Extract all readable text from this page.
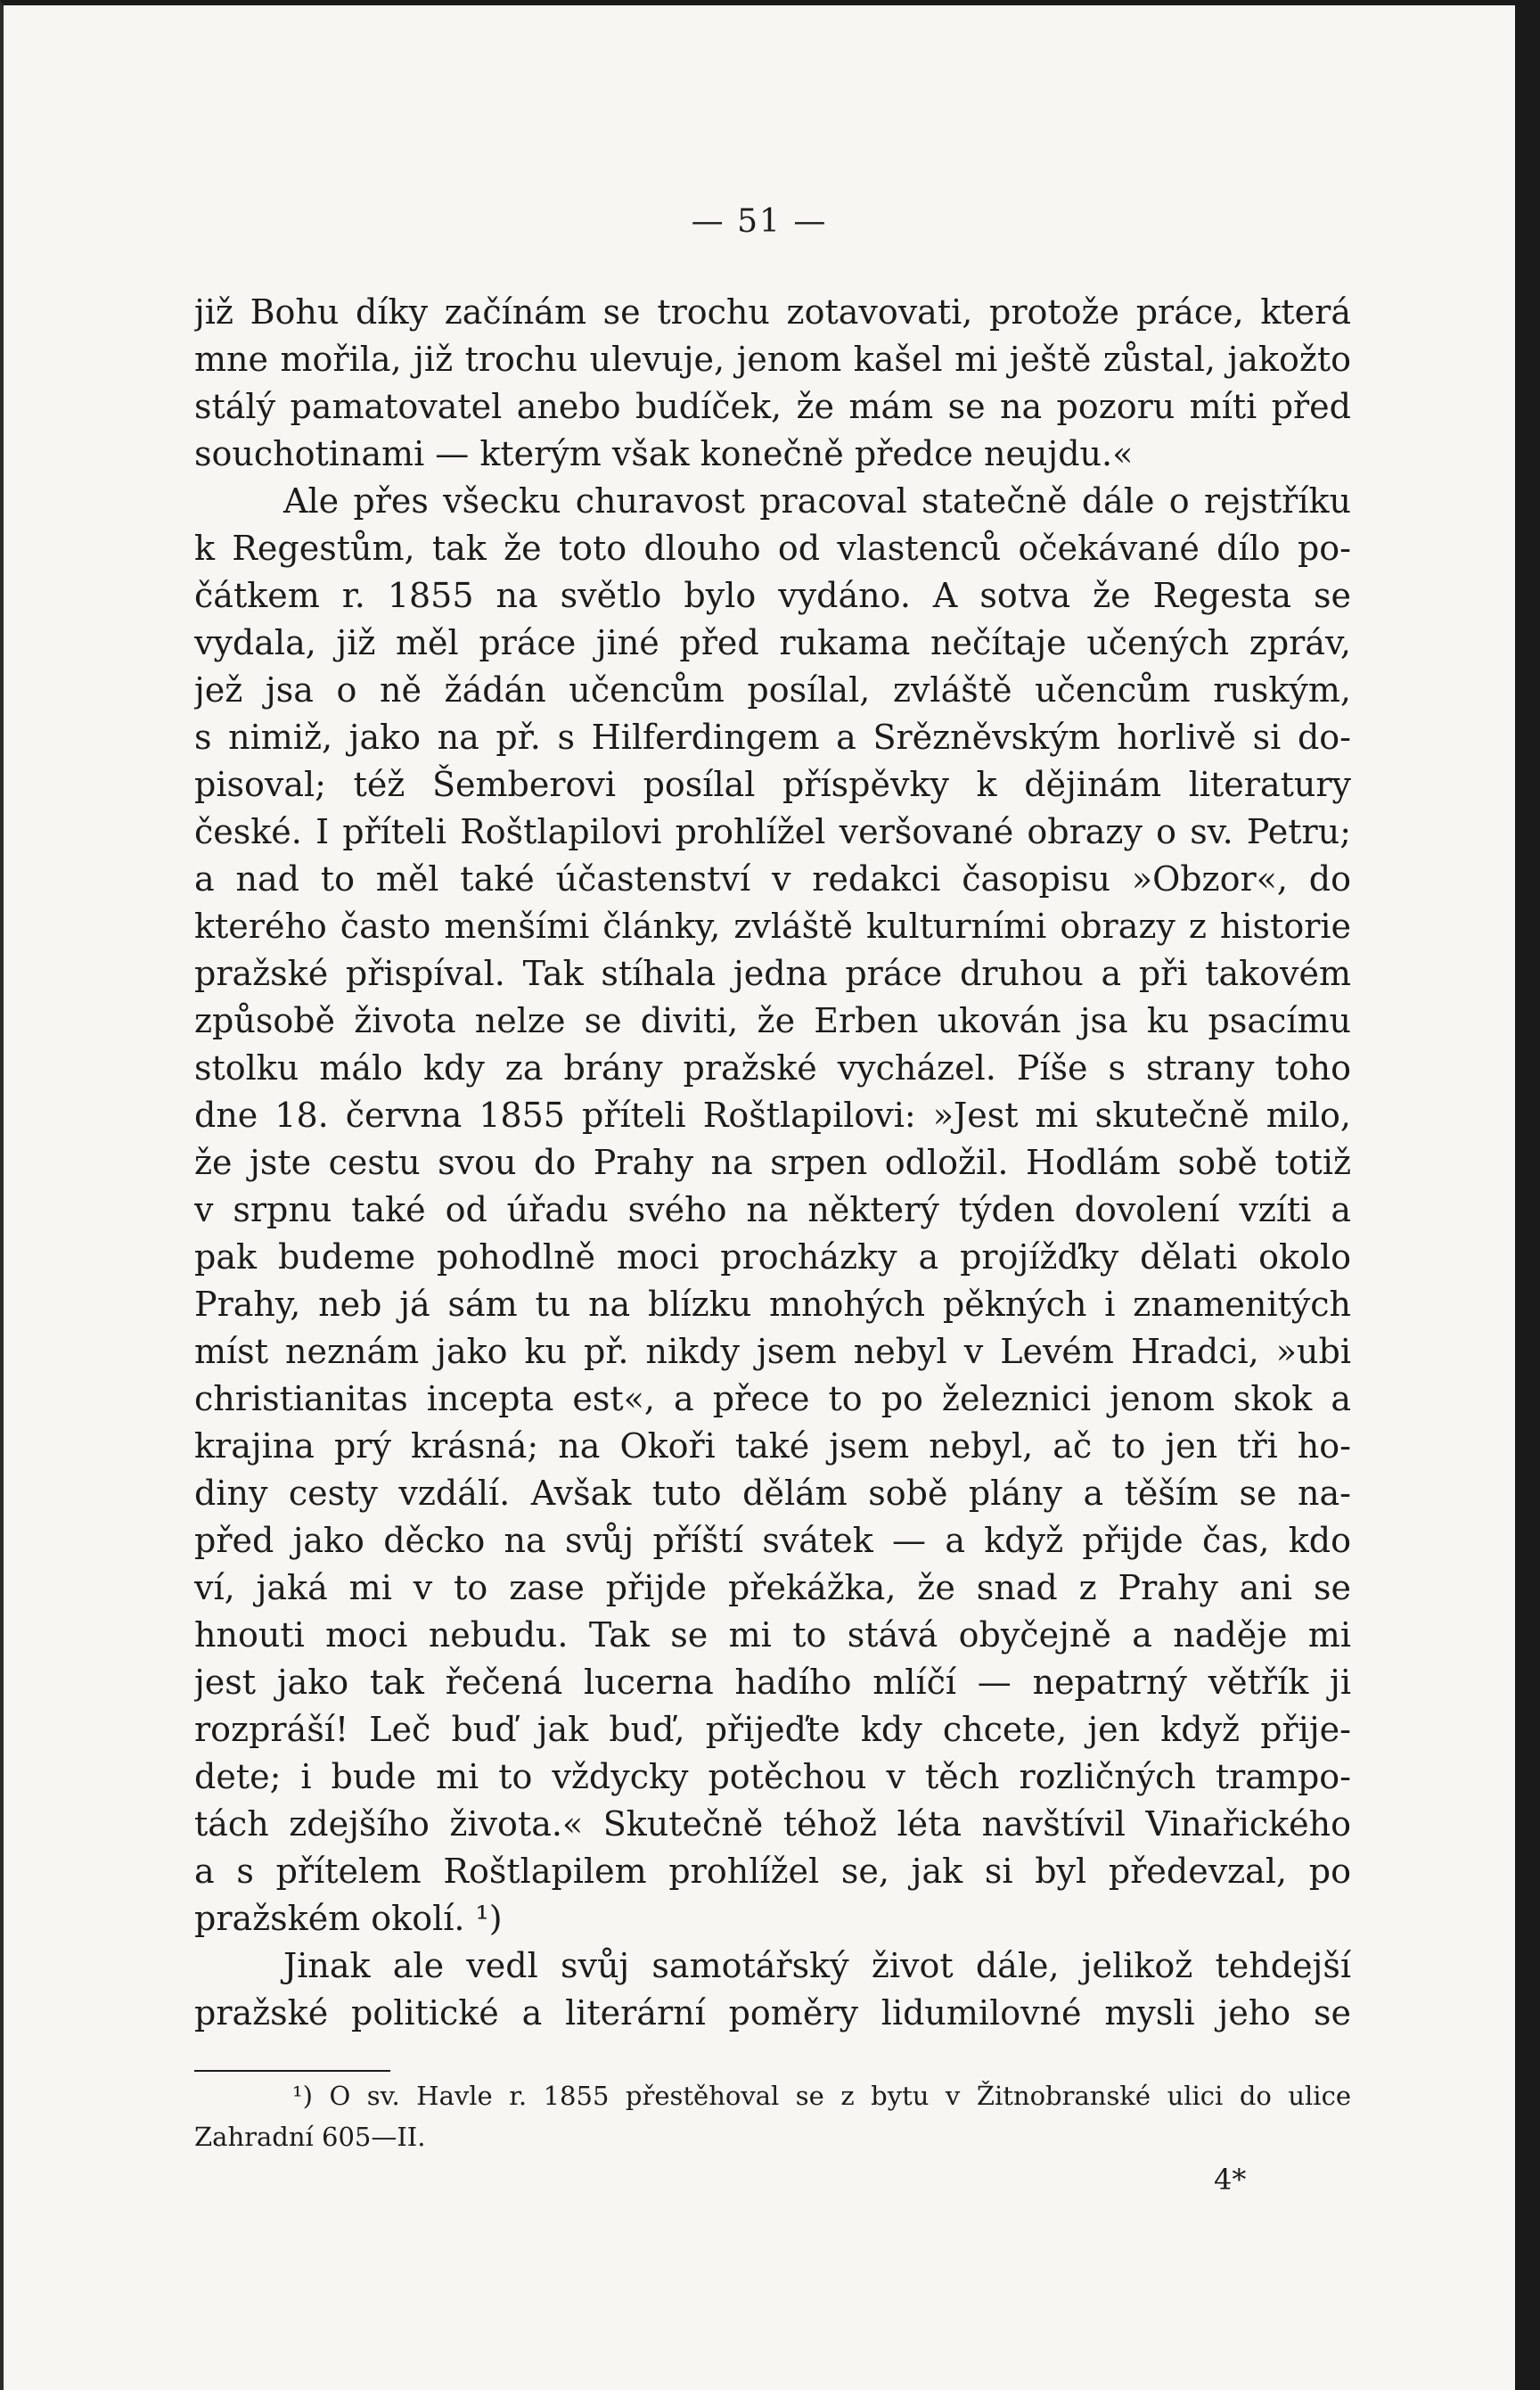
— 51 —
již Bohu díky začínám se trochu zotavovati, protože práce, která
mne mořila, již trochu ulevuje, jenom kašel mi ještě zůstal, jakožto
stálý pamatovatel anebo budíček, že mám se na pozoru míti před
souchotinami — kterým však konečně předce neujdu.«
Ale přes všecku churavost pracoval statečně dále o rejstříku
k Regestům, tak že toto dlouho od vlastenců očekávané dílo po-
čátkem r. 1855 na světlo bylo vydáno. A sotva že Regesta se
vydala, již měl práce jiné před rukama nečítaje učených zpráv,
jež jsa o ně žádán učencům posílal, zvláště učencům ruským,
s nimiž, jako na př. s Hilferdingem a Srězněvským horlivě si do-
pisoval; též Šemberovi posílal příspěvky k dějinám literatury
české. I příteli Roštlapilovi prohlížel veršované obrazy o sv. Petru;
a nad to měl také účastenství v redakci časopisu »Obzor«, do
kterého často menšími články, zvláště kulturními obrazy z historie
pražské přispíval. Tak stíhala jedna práce druhou a při takovém
způsobě života nelze se diviti, že Erben ukován jsa ku psacímu
stolku málo kdy za brány pražské vycházel. Píše s strany toho
dne 18. června 1855 příteli Roštlapilovi: »Jest mi skutečně milo,
že jste cestu svou do Prahy na srpen odložil. Hodlám sobě totiž
v srpnu také od úřadu svého na některý týden dovolení vzíti a
pak budeme pohodlně moci procházky a projížďky dělati okolo
Prahy, neb já sám tu na blízku mnohých pěkných i znamenitých
míst neznám jako ku př. nikdy jsem nebyl v Levém Hradci, »ubi
christianitas incepta est«, a přece to po železnici jenom skok a
krajina prý krásná; na Okoři také jsem nebyl, ač to jen tři ho-
diny cesty vzdálí. Avšak tuto dělám sobě plány a těším se na-
před jako děcko na svůj příští svátek — a když přijde čas, kdo
ví, jaká mi v to zase přijde překážka, že snad z Prahy ani se
hnouti moci nebudu. Tak se mi to stává obyčejně a naděje mi
jest jako tak řečená lucerna hadího mlíčí — nepatrný větřík ji
rozpráší! Leč buď jak buď, přijeďte kdy chcete, jen když přije-
dete; i bude mi to vždycky potěchou v těch rozličných trampo-
tách zdejšího života.« Skutečně téhož léta navštívil Vinařického
a s přítelem Roštlapilem prohlížel se, jak si byl předevzal, po
pražském okolí. ¹)
Jinak ale vedl svůj samotářský život dále, jelikož tehdejší
pražské politické a literární poměry lidumilovné mysli jeho se
¹) O sv. Havle r. 1855 přestěhoval se z bytu v Žitnobranské ulici do ulice
Zahradní 605—II.
4*
